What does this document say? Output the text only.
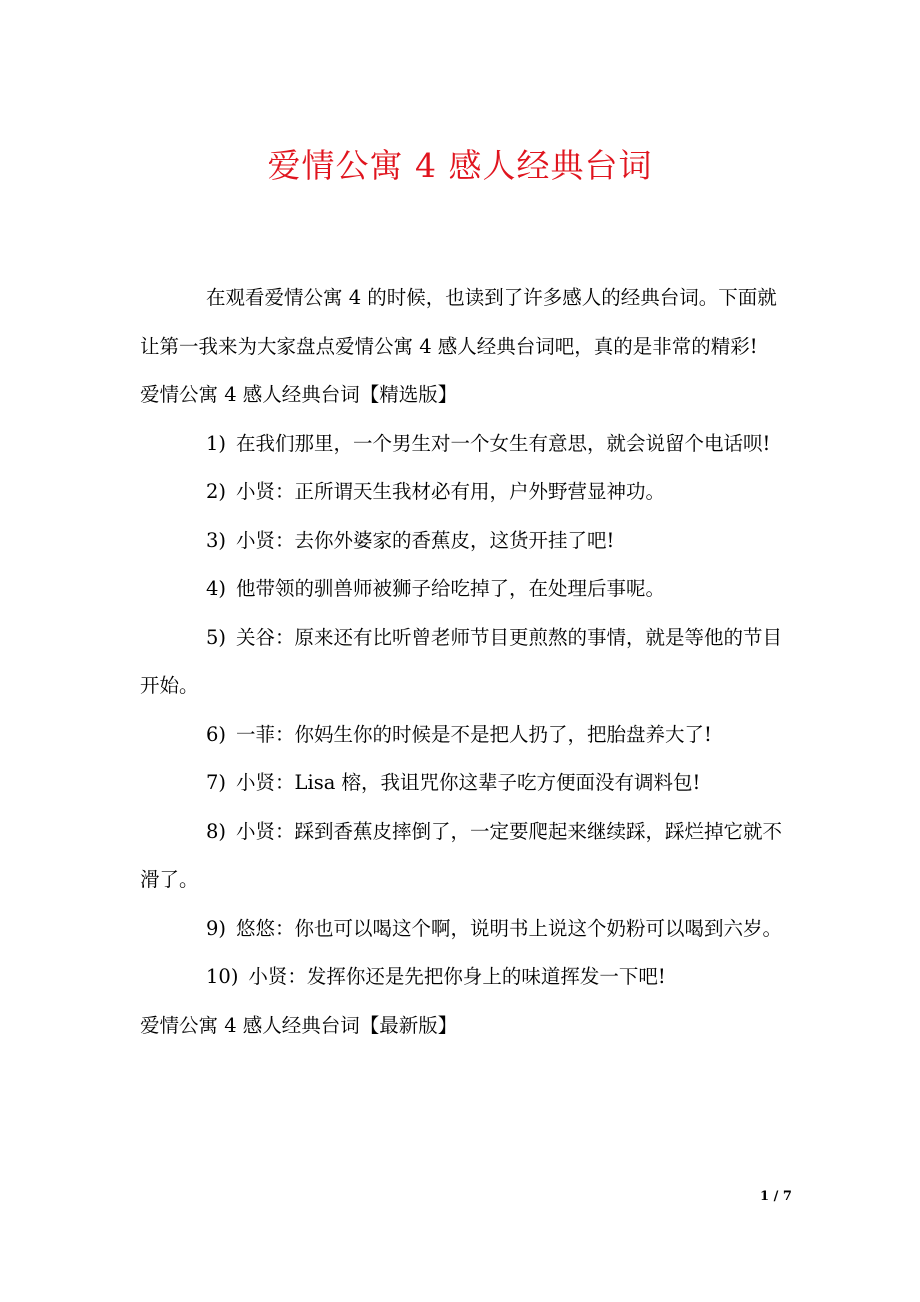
爱情公寓 4 感人经典台词

在观看爱情公寓 4 的时候，也读到了许多感人的经典台词。下面就让第一我来为大家盘点爱情公寓 4 感人经典台词吧，真的是非常的精彩!

爱情公寓 4 感人经典台词【精选版】

1) 在我们那里，一个男生对一个女生有意思，就会说留个电话呗!

2) 小贤：正所谓天生我材必有用，户外野营显神功。

3) 小贤：去你外婆家的香蕉皮，这货开挂了吧!

4) 他带领的驯兽师被狮子给吃掉了，在处理后事呢。

5) 关谷：原来还有比听曾老师节目更煎熬的事情，就是等他的节目开始。

6) 一菲：你妈生你的时候是不是把人扔了，把胎盘养大了!

7) 小贤：Lisa 榕，我诅咒你这辈子吃方便面没有调料包!

8) 小贤：踩到香蕉皮摔倒了，一定要爬起来继续踩，踩烂掉它就不滑了。

9) 悠悠：你也可以喝这个啊，说明书上说这个奶粉可以喝到六岁。

10) 小贤：发挥你还是先把你身上的味道挥发一下吧!

爱情公寓 4 感人经典台词【最新版】

1 / 7
